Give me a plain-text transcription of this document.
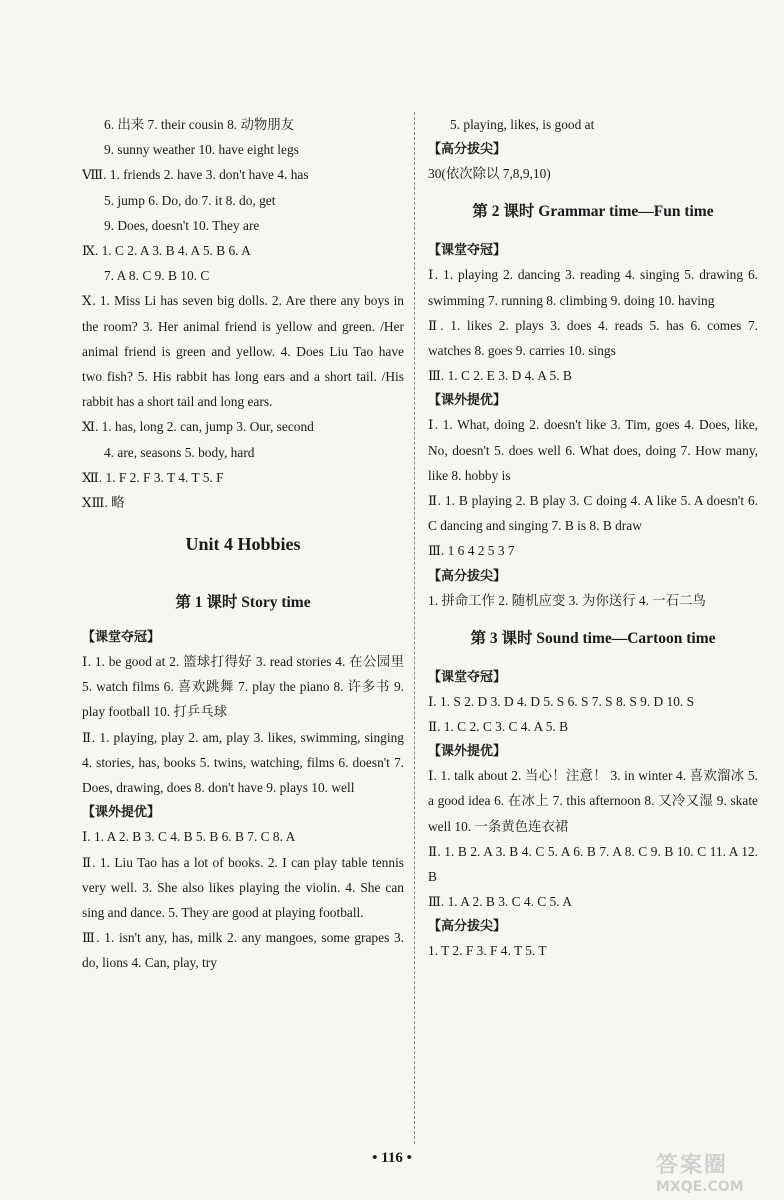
6. 出来 7. their cousin 8. 动物朋友
9. sunny weather 10. have eight legs
Ⅷ. 1. friends 2. have 3. don't have 4. has
5. jump 6. Do, do 7. it 8. do, get
9. Does, doesn't 10. They are
Ⅸ. 1. C 2. A 3. B 4. A 5. B 6. A
7. A 8. C 9. B 10. C
Ⅹ. 1. Miss Li has seven big dolls. 2. Are there any boys in the room? 3. Her animal friend is yellow and green. /Her animal friend is green and yellow. 4. Does Liu Tao have two fish? 5. His rabbit has long ears and a short tail. /His rabbit has a short tail and long ears.
Ⅺ. 1. has, long 2. can, jump 3. Our, second
4. are, seasons 5. body, hard
Ⅻ. 1. F 2. F 3. T 4. T 5. F
ⅩⅢ. 略
Unit 4 Hobbies
第 1 课时 Story time
【课堂夺冠】
Ⅰ. 1. be good at 2. 篮球打得好 3. read stories 4. 在公园里 5. watch films 6. 喜欢跳舞 7. play the piano 8. 许多书 9. play football 10. 打乒乓球
Ⅱ. 1. playing, play 2. am, play 3. likes, swimming, singing 4. stories, has, books 5. twins, watching, films 6. doesn't 7. Does, drawing, does 8. don't have 9. plays 10. well
【课外提优】
Ⅰ. 1. A 2. B 3. C 4. B 5. B 6. B 7. C 8. A
Ⅱ. 1. Liu Tao has a lot of books. 2. I can play table tennis very well. 3. She also likes playing the violin. 4. She can sing and dance. 5. They are good at playing football.
Ⅲ. 1. isn't any, has, milk 2. any mangoes, some grapes 3. do, lions 4. Can, play, try
5. playing, likes, is good at
【高分拔尖】
30(依次除以 7,8,9,10)
第 2 课时 Grammar time—Fun time
【课堂夺冠】
Ⅰ. 1. playing 2. dancing 3. reading 4. singing 5. drawing 6. swimming 7. running 8. climbing 9. doing 10. having
Ⅱ. 1. likes 2. plays 3. does 4. reads 5. has 6. comes 7. watches 8. goes 9. carries 10. sings
Ⅲ. 1. C 2. E 3. D 4. A 5. B
【课外提优】
Ⅰ. 1. What, doing 2. doesn't like 3. Tim, goes 4. Does, like, No, doesn't 5. does well 6. What does, doing 7. How many, like 8. hobby is
Ⅱ. 1. B playing 2. B play 3. C doing 4. A like 5. A doesn't 6. C dancing and singing 7. B is 8. B draw
Ⅲ. 1 6 4 2 5 3 7
【高分拔尖】
1. 拼命工作 2. 随机应变 3. 为你送行 4. 一石二鸟
第 3 课时 Sound time—Cartoon time
【课堂夺冠】
Ⅰ. 1. S 2. D 3. D 4. D 5. S 6. S 7. S 8. S 9. D 10. S
Ⅱ. 1. C 2. C 3. C 4. A 5. B
【课外提优】
Ⅰ. 1. talk about 2. 当心！注意！ 3. in winter 4. 喜欢溜冰 5. a good idea 6. 在冰上 7. this afternoon 8. 又冷又湿 9. skate well 10. 一条黄色连衣裙
Ⅱ. 1. B 2. A 3. B 4. C 5. A 6. B 7. A 8. C 9. B 10. C 11. A 12. B
Ⅲ. 1. A 2. B 3. C 4. C 5. A
【高分拔尖】
1. T 2. F 3. F 4. T 5. T
• 116 •	答案圈
MXQE.COM
